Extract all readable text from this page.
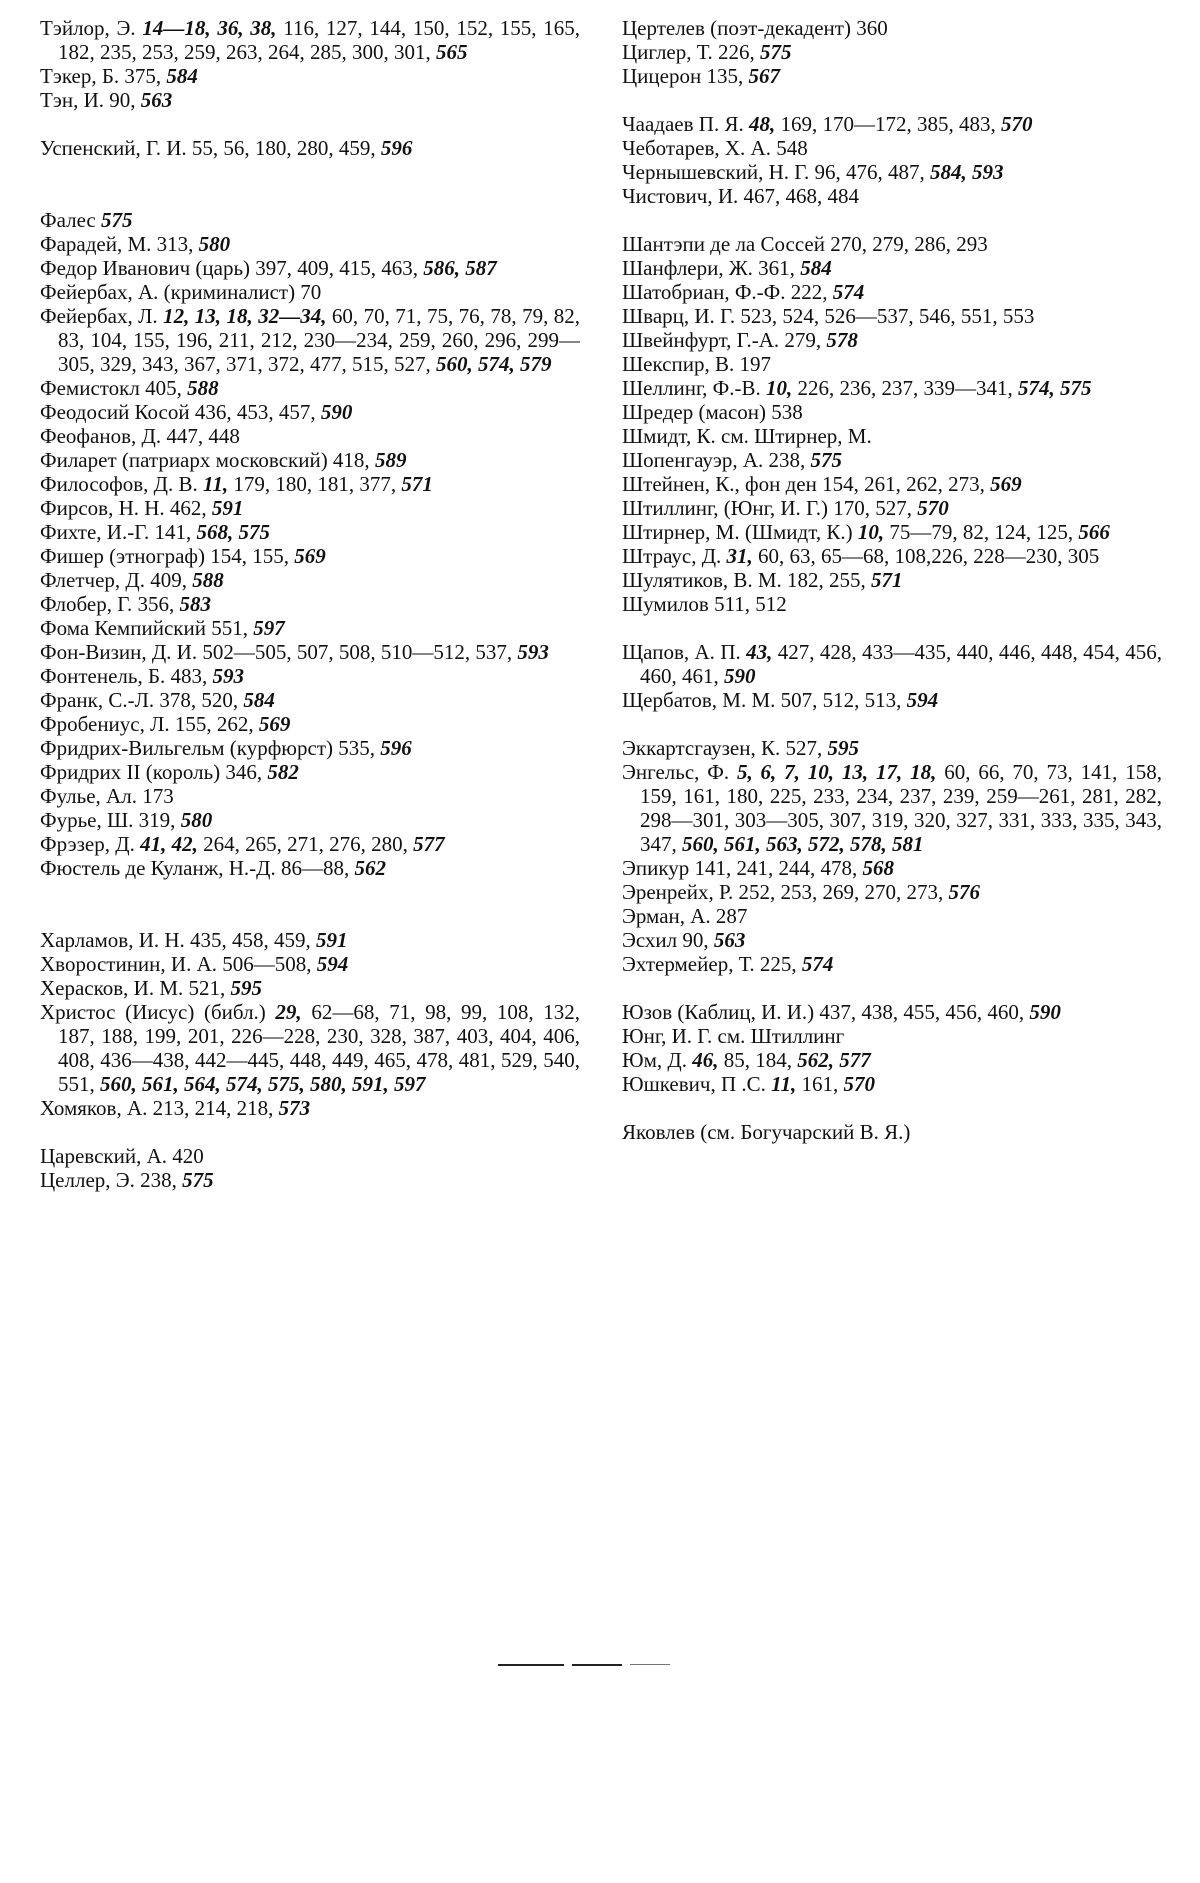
Тэйлор, Э. 14—18, 36, 38, 116, 127, 144, 150, 152, 155, 165, 182, 235, 253, 259, 263, 264, 285, 300, 301, 565

Тэкер, Б. 375, 584

Тэн, И. 90, 563

Успенский, Г. И. 55, 56, 180, 280, 459, 596

Фалес 575

Фарадей, М. 313, 580

Федор Иванович (царь) 397, 409, 415, 463, 586, 587

Фейербах, А. (криминалист) 70

Фейербах, Л. 12, 13, 18, 32—34, 60, 70, 71, 75, 76, 78, 79, 82, 83, 104, 155, 196, 211, 212, 230—234, 259, 260, 296, 299—305, 329, 343, 367, 371, 372, 477, 515, 527, 560, 574, 579

Фемистокл 405, 588

Феодосий Косой 436, 453, 457, 590

Феофанов, Д. 447, 448

Филарет (патриарх московский) 418, 589

Философов, Д. В. 11, 179, 180, 181, 377, 571

Фирсов, Н. Н. 462, 591

Фихте, И.-Г. 141, 568, 575

Фишер (этнограф) 154, 155, 569

Флетчер, Д. 409, 588

Флобер, Г. 356, 583

Фома Кемпийский 551, 597

Фон-Визин, Д. И. 502—505, 507, 508, 510—512, 537, 593

Фонтенель, Б. 483, 593

Франк, С.-Л. 378, 520, 584

Фробениус, Л. 155, 262, 569

Фридрих-Вильгельм (курфюрст) 535, 596

Фридрих II (король) 346, 582

Фулье, Ал. 173

Фурье, Ш. 319, 580

Фрэзер, Д. 41, 42, 264, 265, 271, 276, 280, 577

Фюстель де Куланж, Н.-Д. 86—88, 562

Харламов, И. Н. 435, 458, 459, 591

Хворостинин, И. А. 506—508, 594

Херасков, И. М. 521, 595

Христос (Иисус) (библ.) 29, 62—68, 71, 98, 99, 108, 132, 187, 188, 199, 201, 226—228, 230, 328, 387, 403, 404, 406, 408, 436—438, 442—445, 448, 449, 465, 478, 481, 529, 540, 551, 560, 561, 564, 574, 575, 580, 591, 597

Хомяков, А. 213, 214, 218, 573

Царевский, А. 420

Целлер, Э. 238, 575

Цертелев (поэт-декадент) 360

Циглер, Т. 226, 575

Цицерон 135, 567

Чаадаев П. Я. 48, 169, 170—172, 385, 483, 570

Чеботарев, Х. А. 548

Чернышевский, Н. Г. 96, 476, 487, 584, 593

Чистович, И. 467, 468, 484

Шантэпи де ла Соссей 270, 279, 286, 293

Шанфлери, Ж. 361, 584

Шатобриан, Ф.-Ф. 222, 574

Шварц, И. Г. 523, 524, 526—537, 546, 551, 553

Швейнфурт, Г.-А. 279, 578

Шекспир, В. 197

Шеллинг, Ф.-В. 10, 226, 236, 237, 339—341, 574, 575

Шредер (масон) 538

Шмидт, К. см. Штирнер, М.

Шопенгауэр, А. 238, 575

Штейнен, К., фон ден 154, 261, 262, 273, 569

Штиллинг, (Юнг, И. Г.) 170, 527, 570

Штирнер, М. (Шмидт, К.) 10, 75—79, 82, 124, 125, 566

Штраус, Д. 31, 60, 63, 65—68, 108,226, 228—230, 305

Шулятиков, В. М. 182, 255, 571

Шумилов 511, 512

Щапов, А. П. 43, 427, 428, 433—435, 440, 446, 448, 454, 456, 460, 461, 590

Щербатов, М. М. 507, 512, 513, 594

Эккартсгаузен, К. 527, 595

Энгельс, Ф. 5, 6, 7, 10, 13, 17, 18, 60, 66, 70, 73, 141, 158, 159, 161, 180, 225, 233, 234, 237, 239, 259—261, 281, 282, 298—301, 303—305, 307, 319, 320, 327, 331, 333, 335, 343, 347, 560, 561, 563, 572, 578, 581

Эпикур 141, 241, 244, 478, 568

Эренрейх, Р. 252, 253, 269, 270, 273, 576

Эрман, А. 287

Эсхил 90, 563

Эхтермейер, Т. 225, 574

Юзов (Каблиц, И. И.) 437, 438, 455, 456, 460, 590

Юнг, И. Г. см. Штиллинг

Юм, Д. 46, 85, 184, 562, 577

Юшкевич, П .С. 11, 161, 570

Яковлев (см. Богучарский В. Я.)
